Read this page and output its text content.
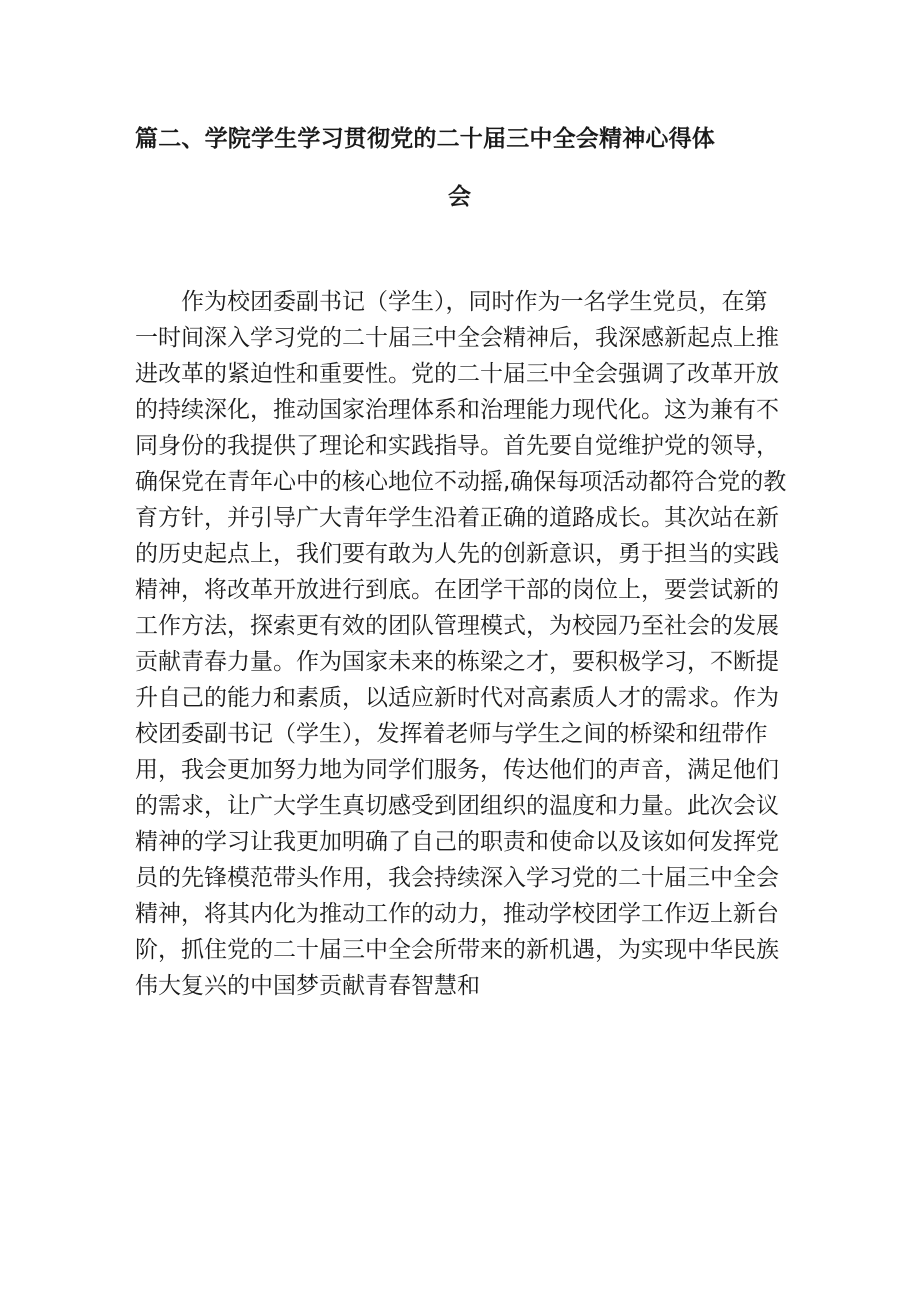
篇二、学院学生学习贯彻党的二十届三中全会精神心得体
会
作为校团委副书记（学生），同时作为一名学生党员，在第
一时间深入学习党的二十届三中全会精神后，我深感新起点上推
进改革的紧迫性和重要性。党的二十届三中全会强调了改革开放
的持续深化，推动国家治理体系和治理能力现代化。这为兼有不
同身份的我提供了理论和实践指导。首先要自觉维护党的领导，
确保党在青年心中的核心地位不动摇,确保每项活动都符合党的教
育方针，并引导广大青年学生沿着正确的道路成长。其次站在新
的历史起点上，我们要有敢为人先的创新意识，勇于担当的实践
精神，将改革开放进行到底。在团学干部的岗位上，要尝试新的
工作方法，探索更有效的团队管理模式，为校园乃至社会的发展
贡献青春力量。作为国家未来的栋梁之才，要积极学习，不断提
升自己的能力和素质，以适应新时代对高素质人才的需求。作为
校团委副书记（学生），发挥着老师与学生之间的桥梁和纽带作
用，我会更加努力地为同学们服务，传达他们的声音，满足他们
的需求，让广大学生真切感受到团组织的温度和力量。此次会议
精神的学习让我更加明确了自己的职责和使命以及该如何发挥党
员的先锋模范带头作用，我会持续深入学习党的二十届三中全会
精神，将其内化为推动工作的动力，推动学校团学工作迈上新台
阶，抓住党的二十届三中全会所带来的新机遇，为实现中华民族
伟大复兴的中国梦贡献青春智慧和
